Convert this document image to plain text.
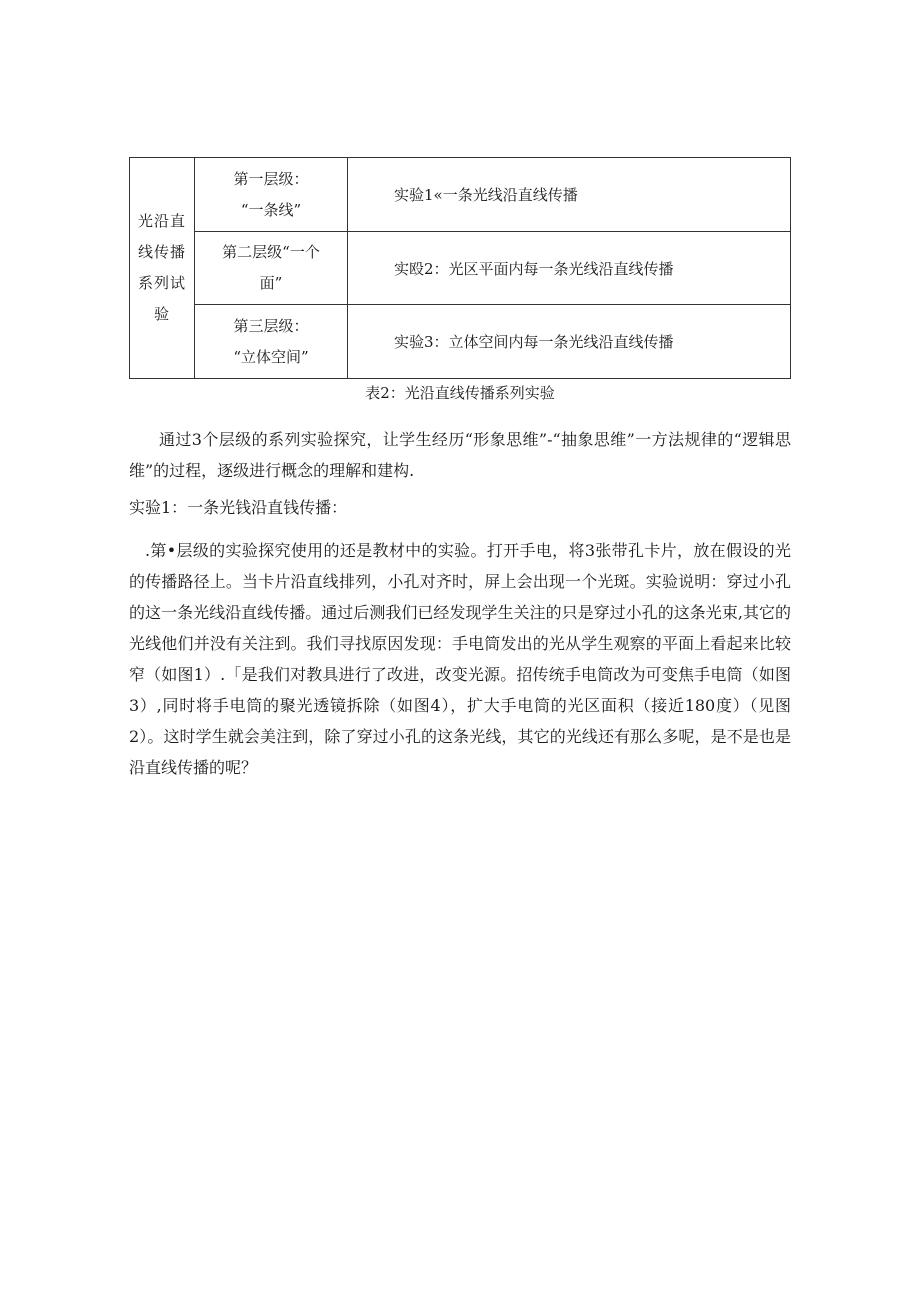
光沿直线传播系列试验	第一层级：
“一条线”	实验1«一条光线沿直线传播

	第二层级“一个
面”	实殴2：光区平面内每一条光线沿直线传播

	第三层级：
“立体空间”	实验3：立体空间内每一条光线沿直线传播
表2：光沿直线传播系列实验
通过3个层级的系列实验探究，让学生经历“形象思维”-“抽象思维”一方法规律的“逻辑思维”的过程，逐级进行概念的理解和建构.
实验1：一条光钱沿直钱传播：
.第•层级的实验探究使用的还是教材中的实验。打开手电，将3张带孔卡片，放在假设的光的传播路径上。当卡片沿直线排列，小孔对齐时，屏上会出现一个光斑。实验说明：穿过小孔的这一条光线沿直线传播。通过后测我们已经发现学生关注的只是穿过小孔的这条光束,其它的光线他们并没有关注到。我们寻找原因发现：手电筒发出的光从学生观察的平面上看起来比较窄（如图1）.「是我们对教具进行了改进，改变光源。招传统手电筒改为可变焦手电筒（如图3）,同时将手电筒的聚光透镜拆除（如图4），扩大手电筒的光区面积（接近180度）（见图2）。这时学生就会美注到，除了穿过小孔的这条光线，其它的光线还有那么多呢，是不是也是沿直线传播的呢？
